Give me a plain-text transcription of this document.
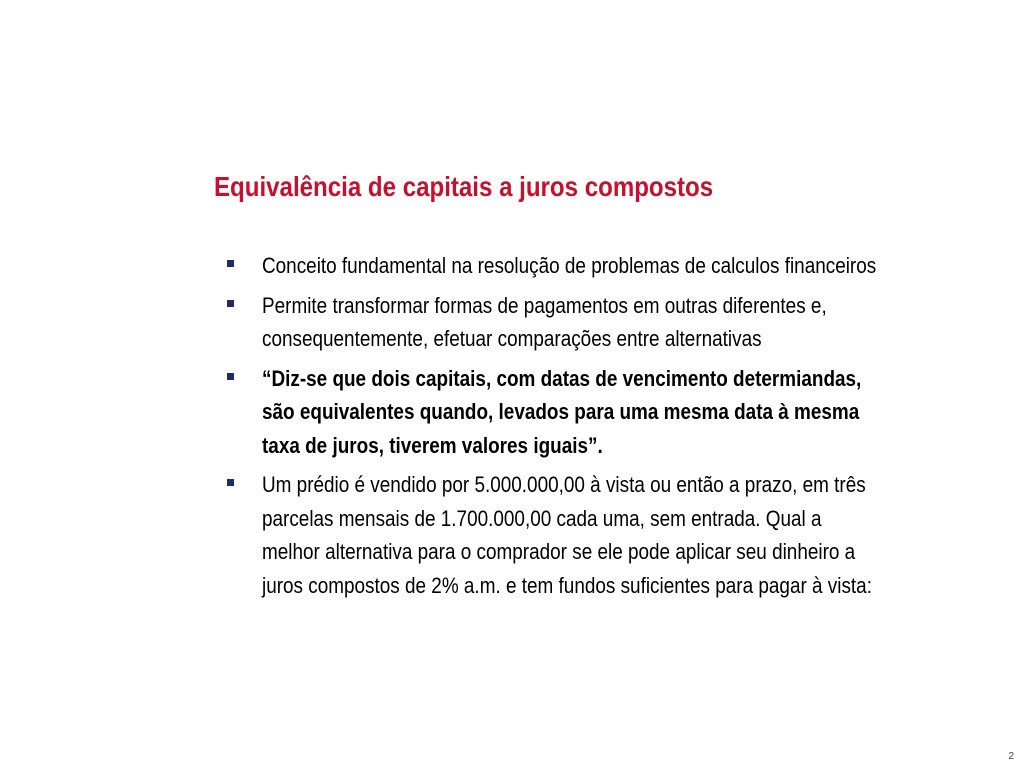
Equivalência de capitais a juros compostos
Conceito fundamental na resolução de problemas de calculos financeiros
Permite transformar formas de pagamentos em outras diferentes e, consequentemente, efetuar comparações entre alternativas
“Diz-se que dois capitais, com datas de vencimento determiandas, são equivalentes quando, levados para uma mesma data à mesma taxa de juros, tiverem valores iguais”.
Um prédio é vendido por 5.000.000,00 à vista ou então a prazo, em três parcelas mensais de 1.700.000,00 cada uma, sem entrada. Qual a melhor alternativa para o comprador se ele pode aplicar seu dinheiro a juros compostos de 2% a.m. e tem fundos suficientes para pagar à vista:
2
